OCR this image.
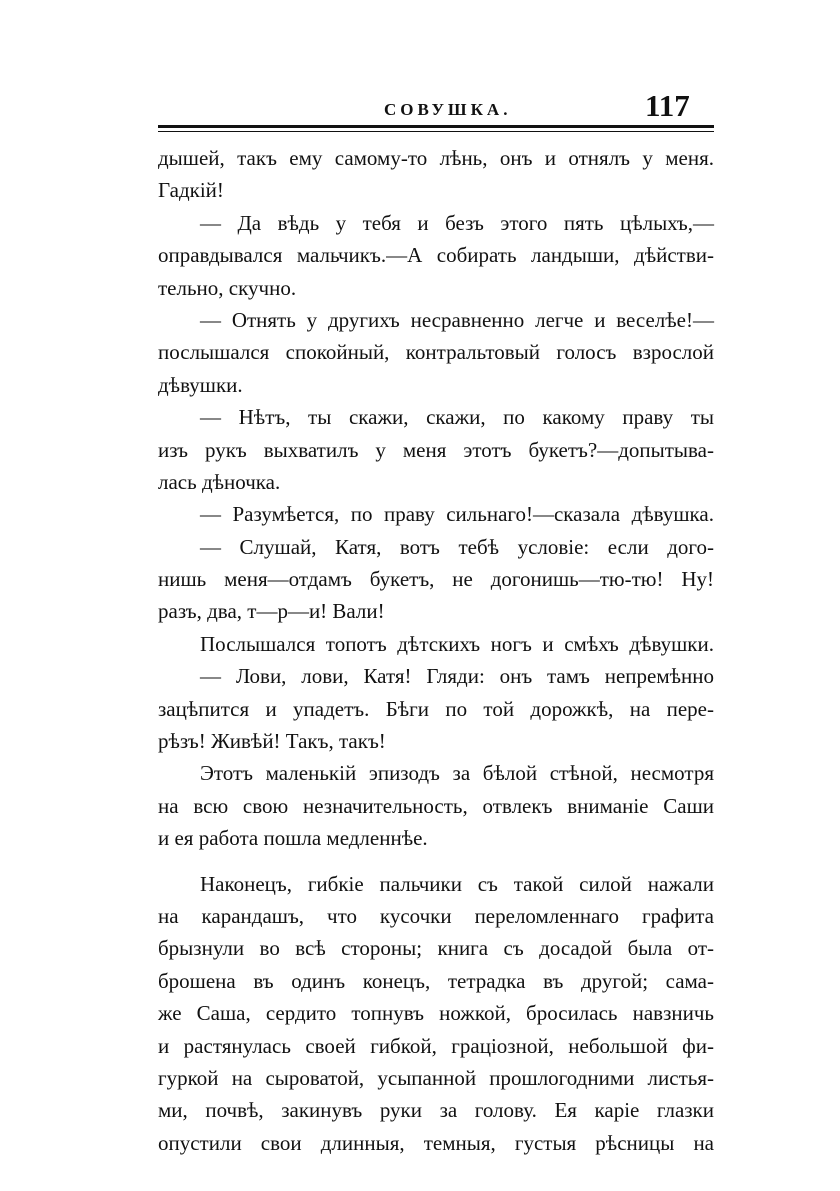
СОВУШКА.	117
дышей, такъ ему самому-то лѣнь, онъ и отнялъ у меня.
Гадкій!
— Да вѣдь у тебя и безъ этого пять цѣлыхъ,—
оправдывался мальчикъ.—А собирать ландыши, дѣйстви-
тельно, скучно.
— Отнять у другихъ несравненно легче и веселѣе!—
послышался спокойный, контральтовый голосъ взрослой
дѣвушки.
— Нѣтъ, ты скажи, скажи, по какому праву ты
изъ рукъ выхватилъ у меня этотъ букетъ?—допытыва-
лась дѣночка.
— Разумѣется, по праву сильнаго!—сказала дѣвушка.
— Слушай, Катя, вотъ тебѣ условіе: если дого-
нишь меня—отдамъ букетъ, не догонишь—тю-тю! Ну!
разъ, два, т—р—и! Вали!
Послышался топотъ дѣтскихъ ногъ и смѣхъ дѣвушки.
— Лови, лови, Катя! Гляди: онъ тамъ непремѣнно
зацѣпится и упадетъ. Бѣги по той дорожкѣ, на пере-
рѣзъ! Живѣй! Такъ, такъ!
Этотъ маленькій эпизодъ за бѣлой стѣной, несмотря
на всю свою незначительность, отвлекъ вниманіе Саши
и ея работа пошла медленнѣе.
Наконецъ, гибкіе пальчики съ такой силой нажали
на карандашъ, что кусочки переломленнаго графита
брызнули во всѣ стороны; книга съ досадой была от-
брошена въ одинъ конецъ, тетрадка въ другой; сама-
же Саша, сердито топнувъ ножкой, бросилась навзничь
и растянулась своей гибкой, граціозной, небольшой фи-
гуркой на сыроватой, усыпанной прошлогодними листья-
ми, почвѣ, закинувъ руки за голову. Ея каріе глазки
опустили свои длинныя, темныя, густыя рѣсницы на
